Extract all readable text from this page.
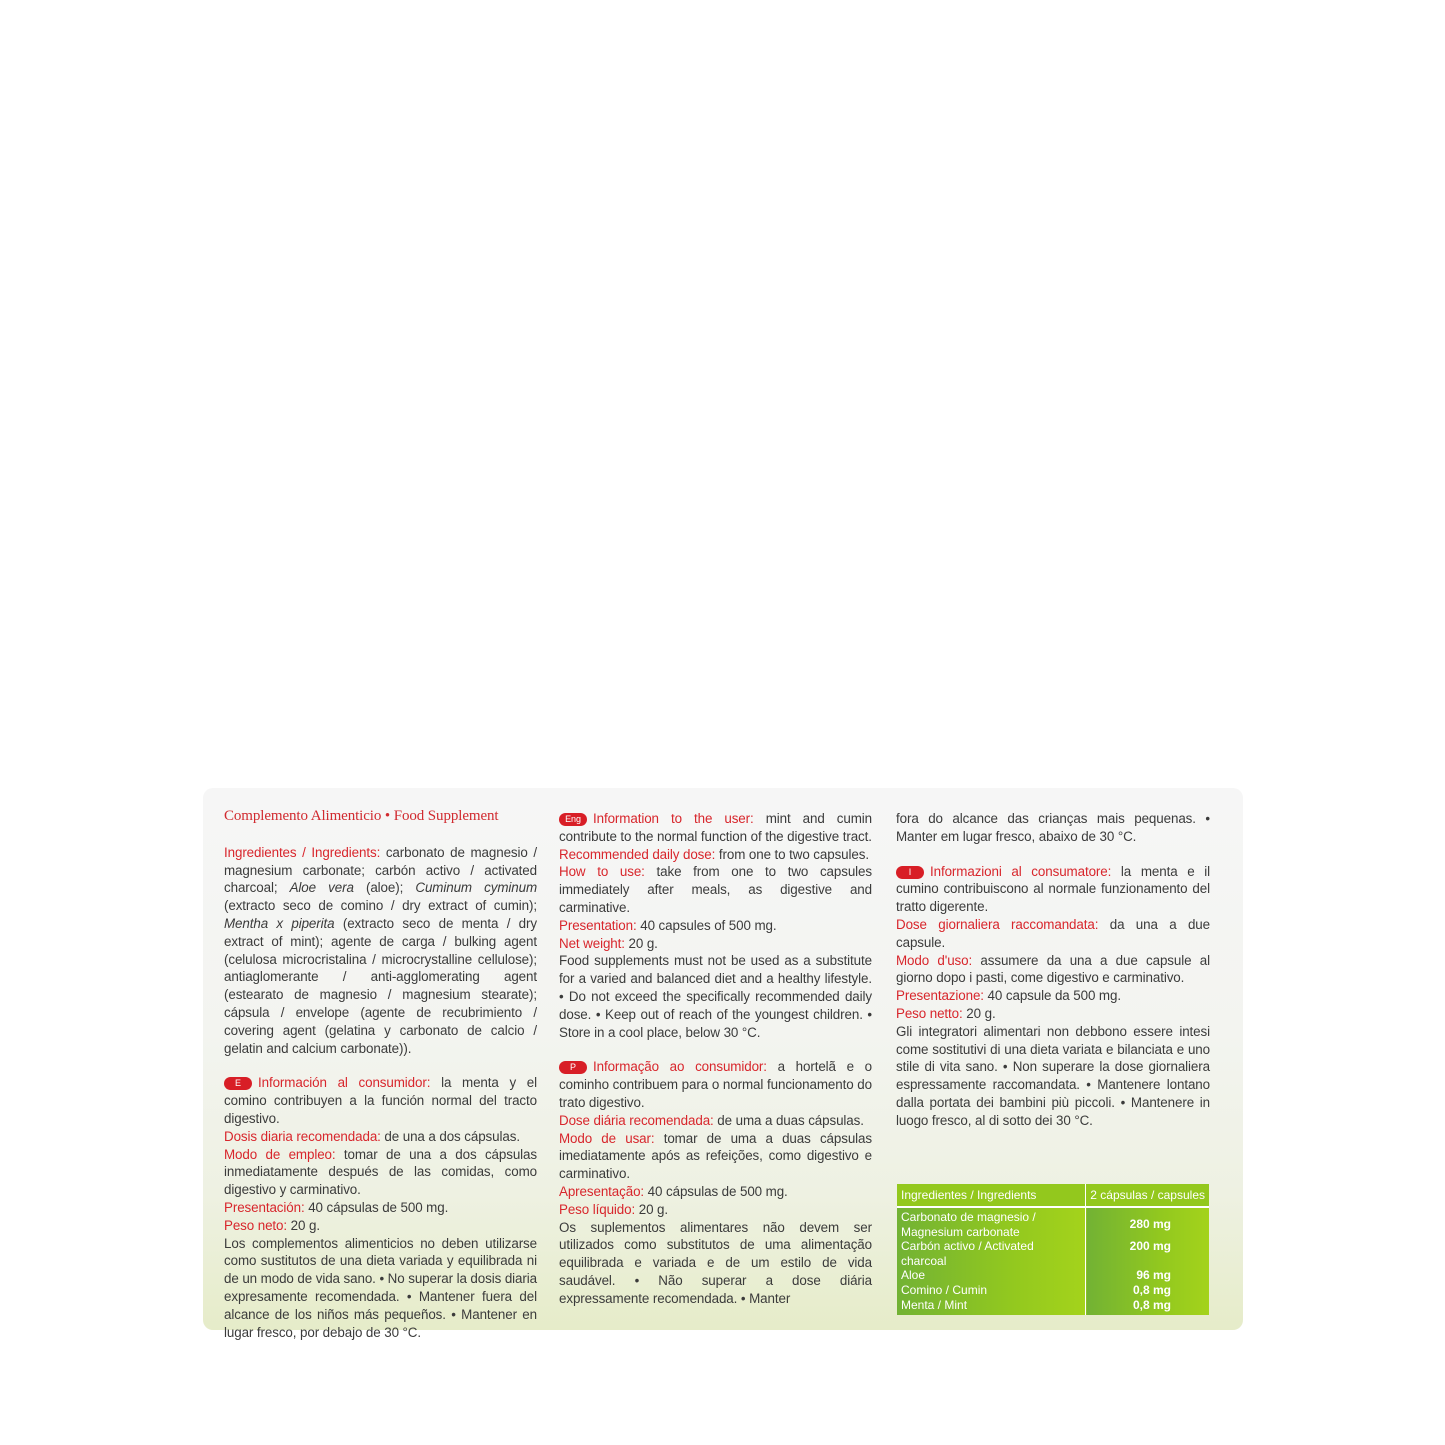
Complemento Alimenticio • Food Supplement

Ingredientes / Ingredients: carbonato de magnesio / magnesium carbonate; carbón activo / activated charcoal; Aloe vera (aloe); Cuminum cyminum (extracto seco de comino / dry extract of cumin); Mentha x piperita (extracto seco de menta / dry extract of mint); agente de carga / bulking agent (celulosa microcristalina / microcrystalline cellulose); antiaglomerante / anti-agglomerating agent (estearato de magnesio / magnesium stearate); cápsula / envelope (agente de recubrimiento / covering agent (gelatina y carbonato de calcio / gelatin and calcium carbonate)).

E Información al consumidor: la menta y el comino contribuyen a la función normal del tracto digestivo.

Dosis diaria recomendada: de una a dos cápsulas.

Modo de empleo: tomar de una a dos cápsulas inmediatamente después de las comidas, como digestivo y carminativo.

Presentación: 40 cápsulas de 500 mg.

Peso neto: 20 g.

Los complementos alimenticios no deben utilizarse como sustitutos de una dieta variada y equilibrada ni de un modo de vida sano. • No superar la dosis diaria expresamente recomendada. • Mantener fuera del alcance de los niños más pequeños. • Mantener en lugar fresco, por debajo de 30 °C.

Eng Information to the user: mint and cumin contribute to the normal function of the digestive tract.

Recommended daily dose: from one to two capsules.

How to use: take from one to two capsules immediately after meals, as digestive and carminative.

Presentation: 40 capsules of 500 mg.

Net weight: 20 g.

Food supplements must not be used as a substitute for a varied and balanced diet and a healthy lifestyle. • Do not exceed the specifically recommended daily dose. • Keep out of reach of the youngest children. • Store in a cool place, below 30 °C.

P Informação ao consumidor: a hortelã e o cominho contribuem para o normal funcionamento do trato digestivo.

Dose diária recomendada: de uma a duas cápsulas.

Modo de usar: tomar de uma a duas cápsulas imediatamente após as refeições, como digestivo e carminativo.

Apresentação: 40 cápsulas de 500 mg.

Peso líquido: 20 g.

Os suplementos alimentares não devem ser utilizados como substitutos de uma alimentação equilibrada e variada e de um estilo de vida saudável. • Não superar a dose diária expressamente recomendada. • Manter

fora do alcance das crianças mais pequenas. • Manter em lugar fresco, abaixo de 30 °C.

I Informazioni al consumatore: la menta e il cumino contribuiscono al normale funzionamento del tratto digerente.

Dose giornaliera raccomandata: da una a due capsule.

Modo d'uso: assumere da una a due capsule al giorno dopo i pasti, come digestivo e carminativo.

Presentazione: 40 capsule da 500 mg.

Peso netto: 20 g.

Gli integratori alimentari non debbono essere intesi come sostitutivi di una dieta variata e bilanciata e uno stile di vita sano. • Non superare la dose giornaliera espressamente raccomandata. • Mantenere lontano dalla portata dei bambini più piccoli. • Mantenere in luogo fresco, al di sotto dei 30 °C.

Ingredientes / Ingredients	2 cápsulas / capsules
Carbonato de magnesio / Magnesium carbonate	280 mg
Carbón activo / Activated charcoal	200 mg
Aloe	96 mg
Comino / Cumin	0,8 mg
Menta / Mint	0,8 mg
